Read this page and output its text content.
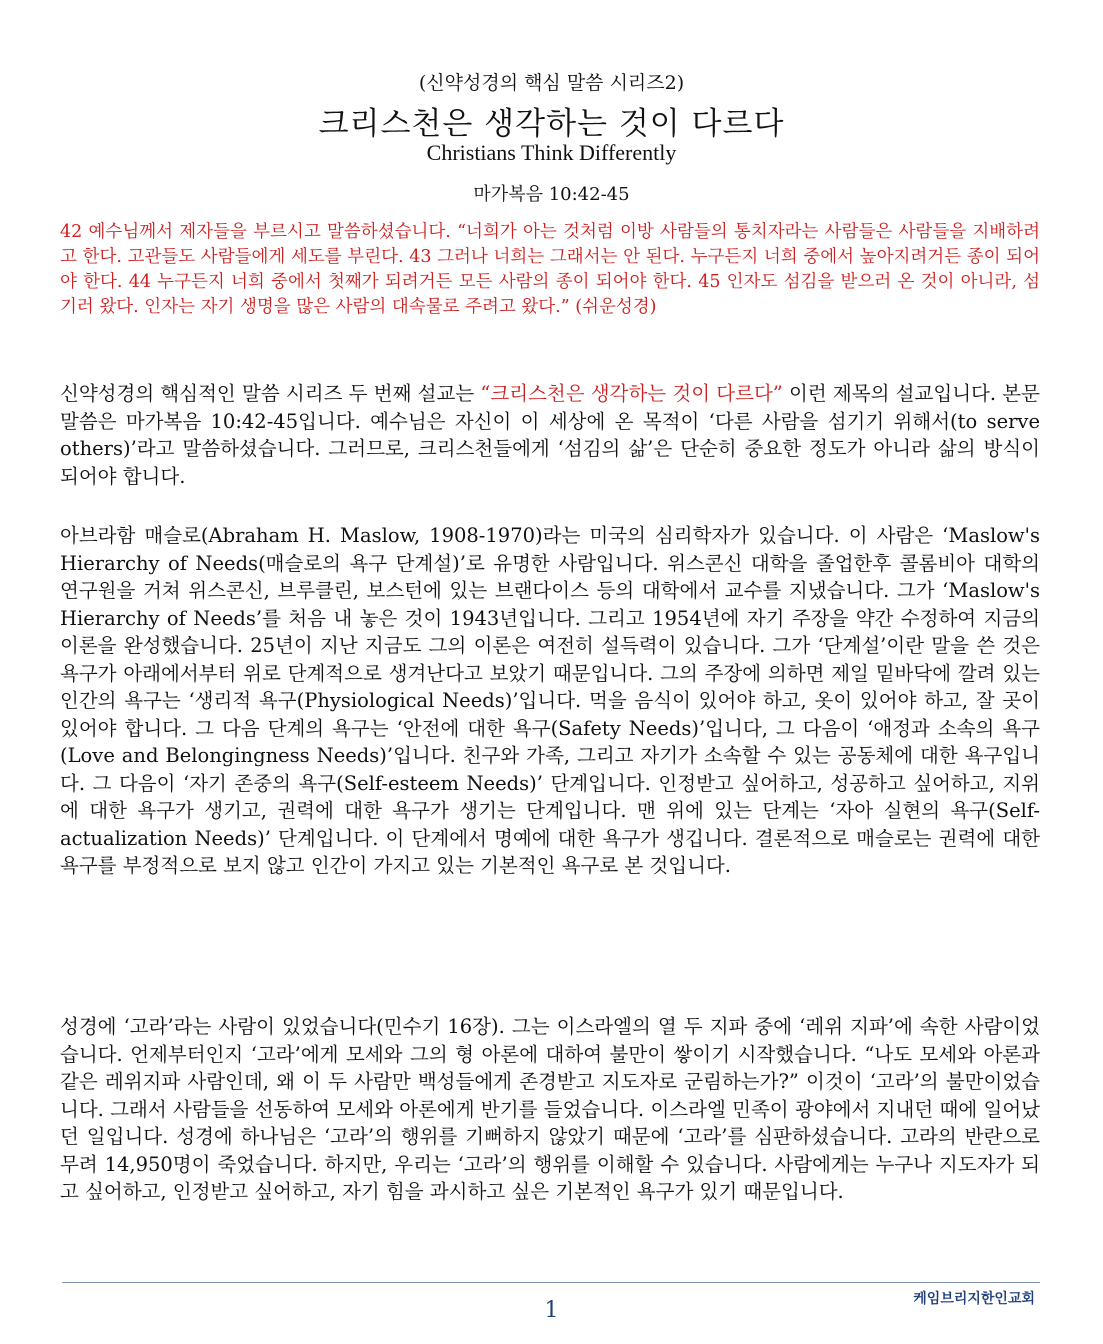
(신약성경의 핵심 말씀 시리즈2)
크리스천은 생각하는 것이 다르다
Christians Think Differently
마가복음 10:42-45
42 예수님께서 제자들을 부르시고 말씀하셨습니다. “너희가 아는 것처럼 이방 사람들의 통치자라는 사람들은 사람들을 지배하려고 한다. 고관들도 사람들에게 세도를 부린다. 43 그러나 너희는 그래서는 안 된다. 누구든지 너희 중에서 높아지려거든 종이 되어야 한다. 44 누구든지 너희 중에서 첫째가 되려거든 모든 사람의 종이 되어야 한다. 45 인자도 섬김을 받으러 온 것이 아니라, 섬기러 왔다. 인자는 자기 생명을 많은 사람의 대속물로 주려고 왔다.” (쉬운성경)

신약성경의 핵심적인 말씀 시리즈 두 번째 설교는 “크리스천은 생각하는 것이 다르다” 이런 제목의 설교입니다. 본문 말씀은 마가복음 10:42-45입니다. 예수님은 자신이 이 세상에 온 목적이 ‘다른 사람을 섬기기 위해서(to serve others)’라고 말씀하셨습니다. 그러므로, 크리스천들에게 ‘섬김의 삶’은 단순히 중요한 정도가 아니라 삶의 방식이 되어야 합니다.

아브라함 매슬로(Abraham H. Maslow, 1908-1970)라는 미국의 심리학자가 있습니다. 이 사람은 ‘Maslow's Hierarchy of Needs(매슬로의 욕구 단계설)’로 유명한 사람입니다. 위스콘신 대학을 졸업한후 콜롬비아 대학의 연구원을 거쳐 위스콘신, 브루클린, 보스턴에 있는 브랜다이스 등의 대학에서 교수를 지냈습니다. 그가 ‘Maslow's Hierarchy of Needs’를 처음 내 놓은 것이 1943년입니다. 그리고 1954년에 자기 주장을 약간 수정하여 지금의 이론을 완성했습니다. 25년이 지난 지금도 그의 이론은 여전히 설득력이 있습니다. 그가 ‘단계설’이란 말을 쓴 것은 욕구가 아래에서부터 위로 단계적으로 생겨난다고 보았기 때문입니다. 그의 주장에 의하면 제일 밑바닥에 깔려 있는 인간의 욕구는 ‘생리적 욕구(Physiological Needs)’입니다. 먹을 음식이 있어야 하고, 옷이 있어야 하고, 잘 곳이 있어야 합니다. 그 다음 단계의 욕구는 ‘안전에 대한 욕구(Safety Needs)’입니다, 그 다음이 ‘애정과 소속의 욕구(Love and Belongingness Needs)’입니다. 친구와 가족, 그리고 자기가 소속할 수 있는 공동체에 대한 욕구입니다. 그 다음이 ‘자기 존중의 욕구(Self-esteem Needs)’ 단계입니다. 인정받고 싶어하고, 성공하고 싶어하고, 지위에 대한 욕구가 생기고, 권력에 대한 욕구가 생기는 단계입니다. 맨 위에 있는 단계는 ‘자아 실현의 욕구(Self-actualization Needs)’ 단계입니다. 이 단계에서 명예에 대한 욕구가 생깁니다. 결론적으로 매슬로는 권력에 대한 욕구를 부정적으로 보지 않고 인간이 가지고 있는 기본적인 욕구로 본 것입니다.

성경에 ‘고라’라는 사람이 있었습니다(민수기 16장). 그는 이스라엘의 열 두 지파 중에 ‘레위 지파’에 속한 사람이었습니다. 언제부터인지 ‘고라’에게 모세와 그의 형 아론에 대하여 불만이 쌓이기 시작했습니다. “나도 모세와 아론과 같은 레위지파 사람인데, 왜 이 두 사람만 백성들에게 존경받고 지도자로 군림하는가?” 이것이 ‘고라’의 불만이었습니다. 그래서 사람들을 선동하여 모세와 아론에게 반기를 들었습니다. 이스라엘 민족이 광야에서 지내던 때에 일어났던 일입니다. 성경에 하나님은 ‘고라’의 행위를 기뻐하지 않았기 때문에 ‘고라’를 심판하셨습니다. 고라의 반란으로 무려 14,950명이 죽었습니다. 하지만, 우리는 ‘고라’의 행위를 이해할 수 있습니다. 사람에게는 누구나 지도자가 되고 싶어하고, 인정받고 싶어하고, 자기 힘을 과시하고 싶은 기본적인 욕구가 있기 때문입니다.

케임브리지한인교회
1
